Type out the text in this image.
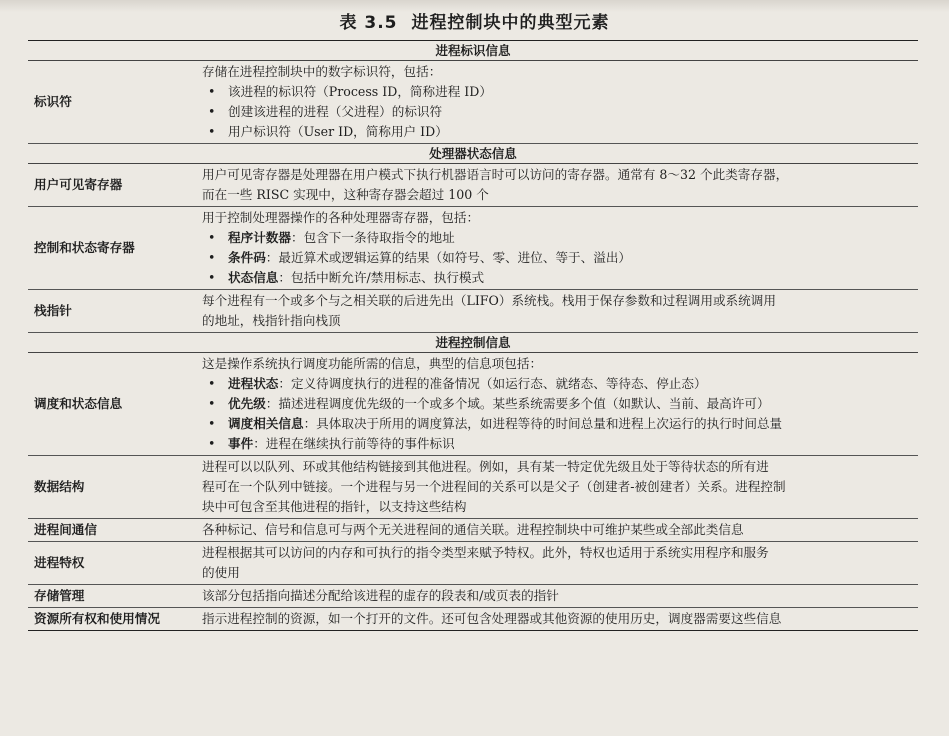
表 3.5 进程控制块中的典型元素
进程标识信息	
标识符	存储在进程控制块中的数字标识符，包括：
• 该进程的标识符（Process ID，简称进程 ID）
• 创建该进程的进程（父进程）的标识符
• 用户标识符（User ID，简称用户 ID）

处理器状态信息	
用户可见寄存器	用户可见寄存器是处理器在用户模式下执行机器语言时可以访问的寄存器。通常有 8～32 个此类寄存器，
而在一些 RISC 实现中，这种寄存器会超过 100 个

控制和状态寄存器	用于控制处理器操作的各种处理器寄存器，包括：
• 程序计数器：包含下一条待取指令的地址
• 条件码：最近算术或逻辑运算的结果（如符号、零、进位、等于、溢出）
• 状态信息：包括中断允许/禁用标志、执行模式

栈指针	每个进程有一个或多个与之相关联的后进先出（LIFO）系统栈。栈用于保存参数和过程调用或系统调用
的地址，栈指针指向栈顶

进程控制信息	
调度和状态信息	这是操作系统执行调度功能所需的信息，典型的信息项包括：
• 进程状态：定义待调度执行的进程的准备情况（如运行态、就绪态、等待态、停止态）
• 优先级：描述进程调度优先级的一个或多个域。某些系统需要多个值（如默认、当前、最高许可）
• 调度相关信息：具体取决于所用的调度算法，如进程等待的时间总量和进程上次运行的执行时间总量
• 事件：进程在继续执行前等待的事件标识

数据结构	进程可以以队列、环或其他结构链接到其他进程。例如，具有某一特定优先级且处于等待状态的所有进
程可在一个队列中链接。一个进程与另一个进程间的关系可以是父子（创建者-被创建者）关系。进程控制
块中可包含至其他进程的指针，以支持这些结构

进程间通信	各种标记、信号和信息可与两个无关进程间的通信关联。进程控制块中可维护某些或全部此类信息

进程特权	进程根据其可以访问的内存和可执行的指令类型来赋予特权。此外，特权也适用于系统实用程序和服务
的使用

存储管理	该部分包括指向描述分配给该进程的虚存的段表和/或页表的指针

资源所有权和使用情况	指示进程控制的资源，如一个打开的文件。还可包含处理器或其他资源的使用历史，调度器需要这些信息
